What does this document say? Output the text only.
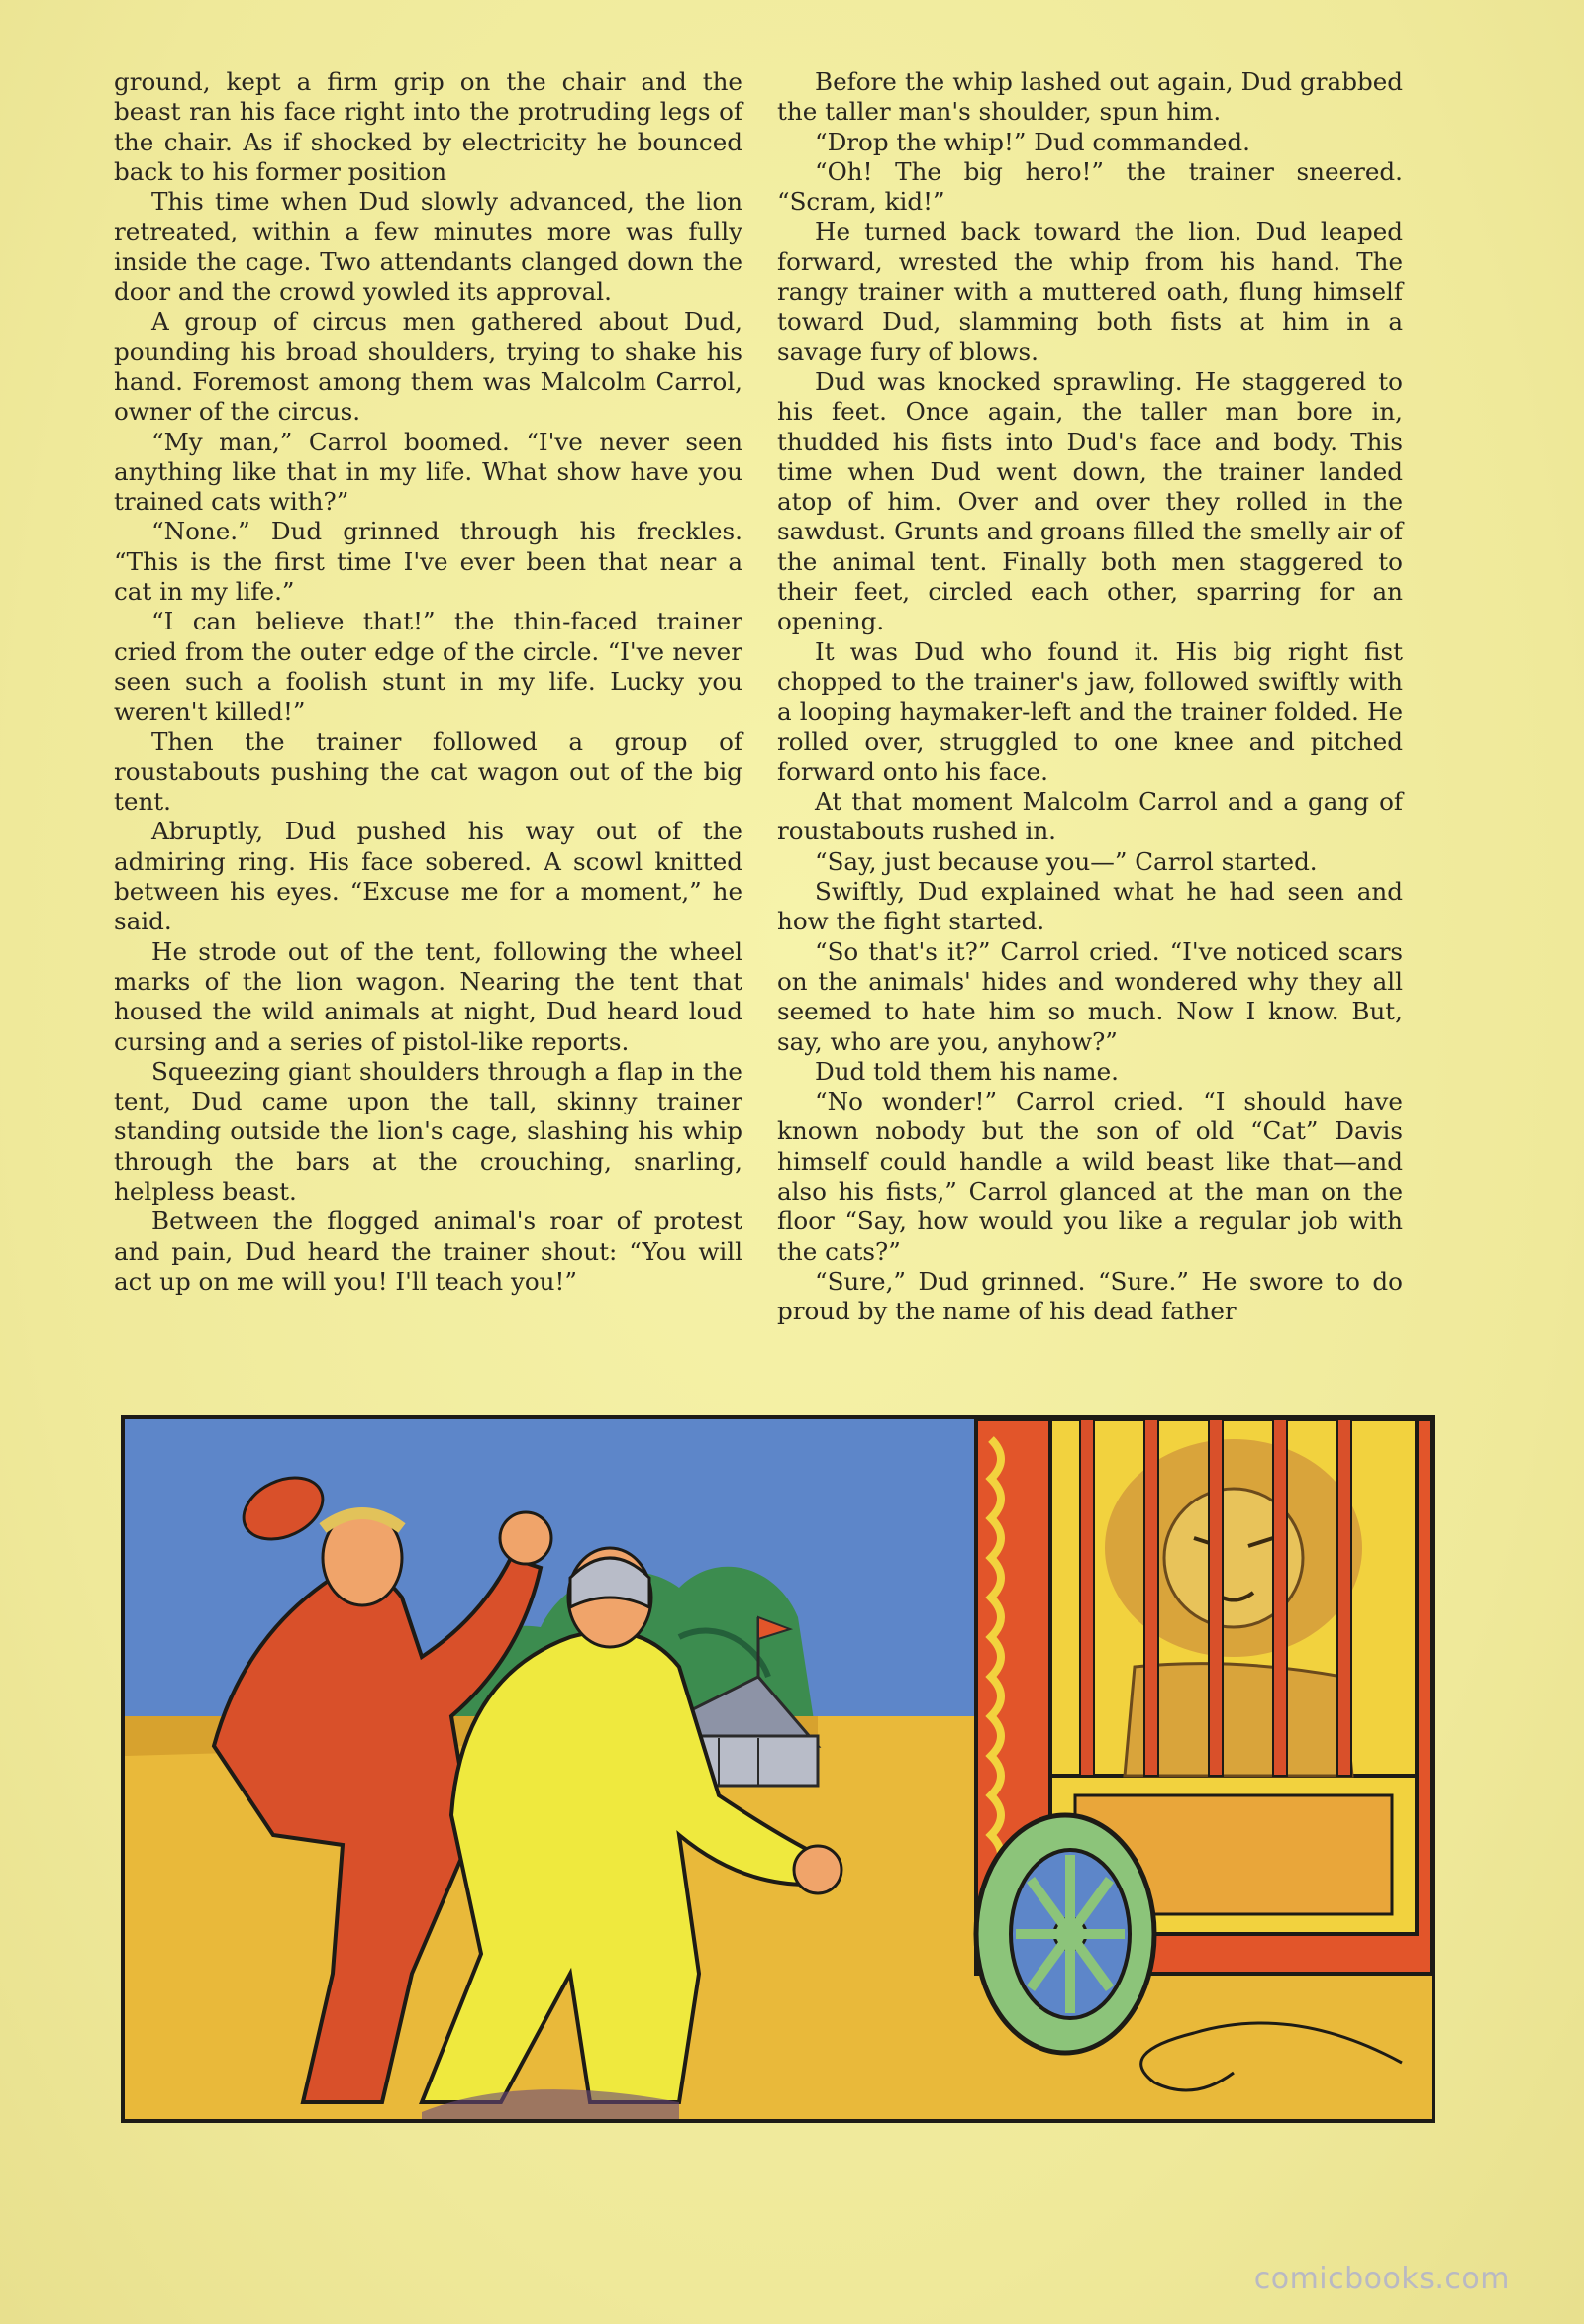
ground, kept a firm grip on the chair and the beast ran his face right into the protruding legs of the chair. As if shocked by electricity he bounced back to his former position

This time when Dud slowly advanced, the lion retreated, within a few minutes more was fully inside the cage. Two attendants clanged down the door and the crowd yowled its approval.

A group of circus men gathered about Dud, pounding his broad shoulders, trying to shake his hand. Foremost among them was Malcolm Carrol, owner of the circus.

“My man,” Carrol boomed. “I've never seen anything like that in my life. What show have you trained cats with?”

“None.” Dud grinned through his freckles. “This is the first time I've ever been that near a cat in my life.”

“I can believe that!” the thin-faced trainer cried from the outer edge of the circle. “I've never seen such a foolish stunt in my life. Lucky you weren't killed!”

Then the trainer followed a group of roustabouts pushing the cat wagon out of the big tent.

Abruptly, Dud pushed his way out of the admiring ring. His face sobered. A scowl knitted between his eyes. “Excuse me for a moment,” he said.

He strode out of the tent, following the wheel marks of the lion wagon. Nearing the tent that housed the wild animals at night, Dud heard loud cursing and a series of pistol-like reports.

Squeezing giant shoulders through a flap in the tent, Dud came upon the tall, skinny trainer standing outside the lion's cage, slashing his whip through the bars at the crouching, snarling, helpless beast.

Between the flogged animal's roar of protest and pain, Dud heard the trainer shout: “You will act up on me will you! I'll teach you!”

Before the whip lashed out again, Dud grabbed the taller man's shoulder, spun him.

“Drop the whip!” Dud commanded.

“Oh! The big hero!” the trainer sneered. “Scram, kid!”

He turned back toward the lion. Dud leaped forward, wrested the whip from his hand. The rangy trainer with a muttered oath, flung himself toward Dud, slamming both fists at him in a savage fury of blows.

Dud was knocked sprawling. He staggered to his feet. Once again, the taller man bore in, thudded his fists into Dud's face and body. This time when Dud went down, the trainer landed atop of him. Over and over they rolled in the sawdust. Grunts and groans filled the smelly air of the animal tent. Finally both men staggered to their feet, circled each other, sparring for an opening.

It was Dud who found it. His big right fist chopped to the trainer's jaw, followed swiftly with a looping haymaker-left and the trainer folded. He rolled over, struggled to one knee and pitched forward onto his face.

At that moment Malcolm Carrol and a gang of roustabouts rushed in.

“Say, just because you—” Carrol started.

Swiftly, Dud explained what he had seen and how the fight started.

“So that's it?” Carrol cried. “I've noticed scars on the animals' hides and wondered why they all seemed to hate him so much. Now I know. But, say, who are you, anyhow?”

Dud told them his name.

“No wonder!” Carrol cried. “I should have known nobody but the son of old “Cat” Davis himself could handle a wild beast like that—and also his fists,” Carrol glanced at the man on the floor “Say, how would you like a regular job with the cats?”

“Sure,” Dud grinned. “Sure.” He swore to do proud by the name of his dead father

comicbooks.com
